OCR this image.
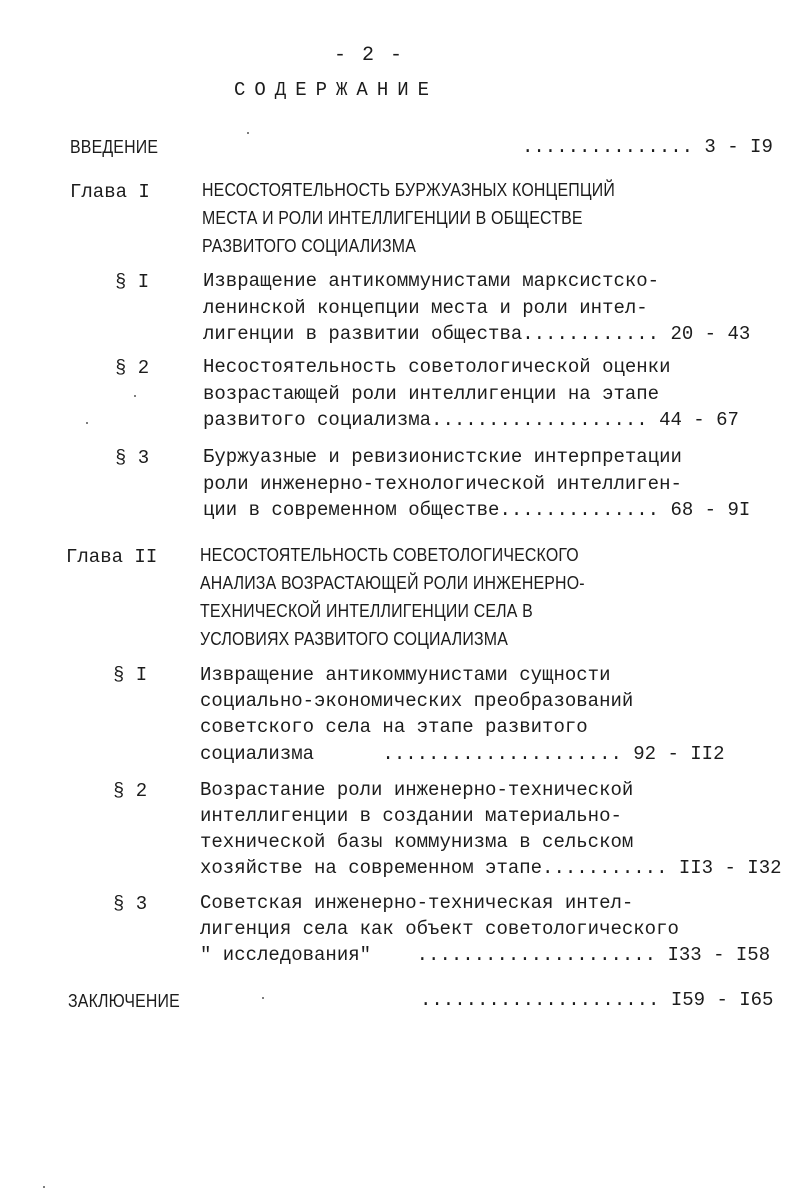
- 2 -
СОДЕРЖАНИЕ
ВВЕДЕНИЕ	............... 3 - I9
Глава I	НЕСОСТОЯТЕЛЬНОСТЬ БУРЖУАЗНЫХ КОНЦЕПЦИЙ
МЕСТА И РОЛИ ИНТЕЛЛИГЕНЦИИ В ОБЩЕСТВЕ
РАЗВИТОГО СОЦИАЛИЗМА
§ I	Извращение антикоммунистами марксистско-
ленинской концепции места и роли интел-
лигенции в развитии общества............ 20 - 43
§ 2	Несостоятельность советологической оценки
возрастающей роли интеллигенции на этапе
развитого социализма................... 44 - 67
§ 3	Буржуазные и ревизионистские интерпретации
роли инженерно-технологической интеллиген-
ции в современном обществе.............. 68 - 9I
Глава II НЕСОСТОЯТЕЛЬНОСТЬ СОВЕТОЛОГИЧЕСКОГО
АНАЛИЗА ВОЗРАСТАЮЩЕЙ РОЛИ ИНЖЕНЕРНО-
ТЕХНИЧЕСКОЙ ИНТЕЛЛИГЕНЦИИ СЕЛА В
УСЛОВИЯХ РАЗВИТОГО СОЦИАЛИЗМА
§ I	Извращение антикоммунистами сущности
социально-экономических преобразований
советского села на этапе развитого
социализма      ..................... 92 - II2
§ 2	Возрастание роли инженерно-технической
интеллигенции в создании материально-
технической базы коммунизма в сельском
хозяйстве на современном этапе........... II3 - I32
§ 3	Советская инженерно-техническая интел-
лигенция села как объект советологического
" исследования"    ..................... I33 - I58
ЗАКЛЮЧЕНИЕ	..................... I59 - I65
